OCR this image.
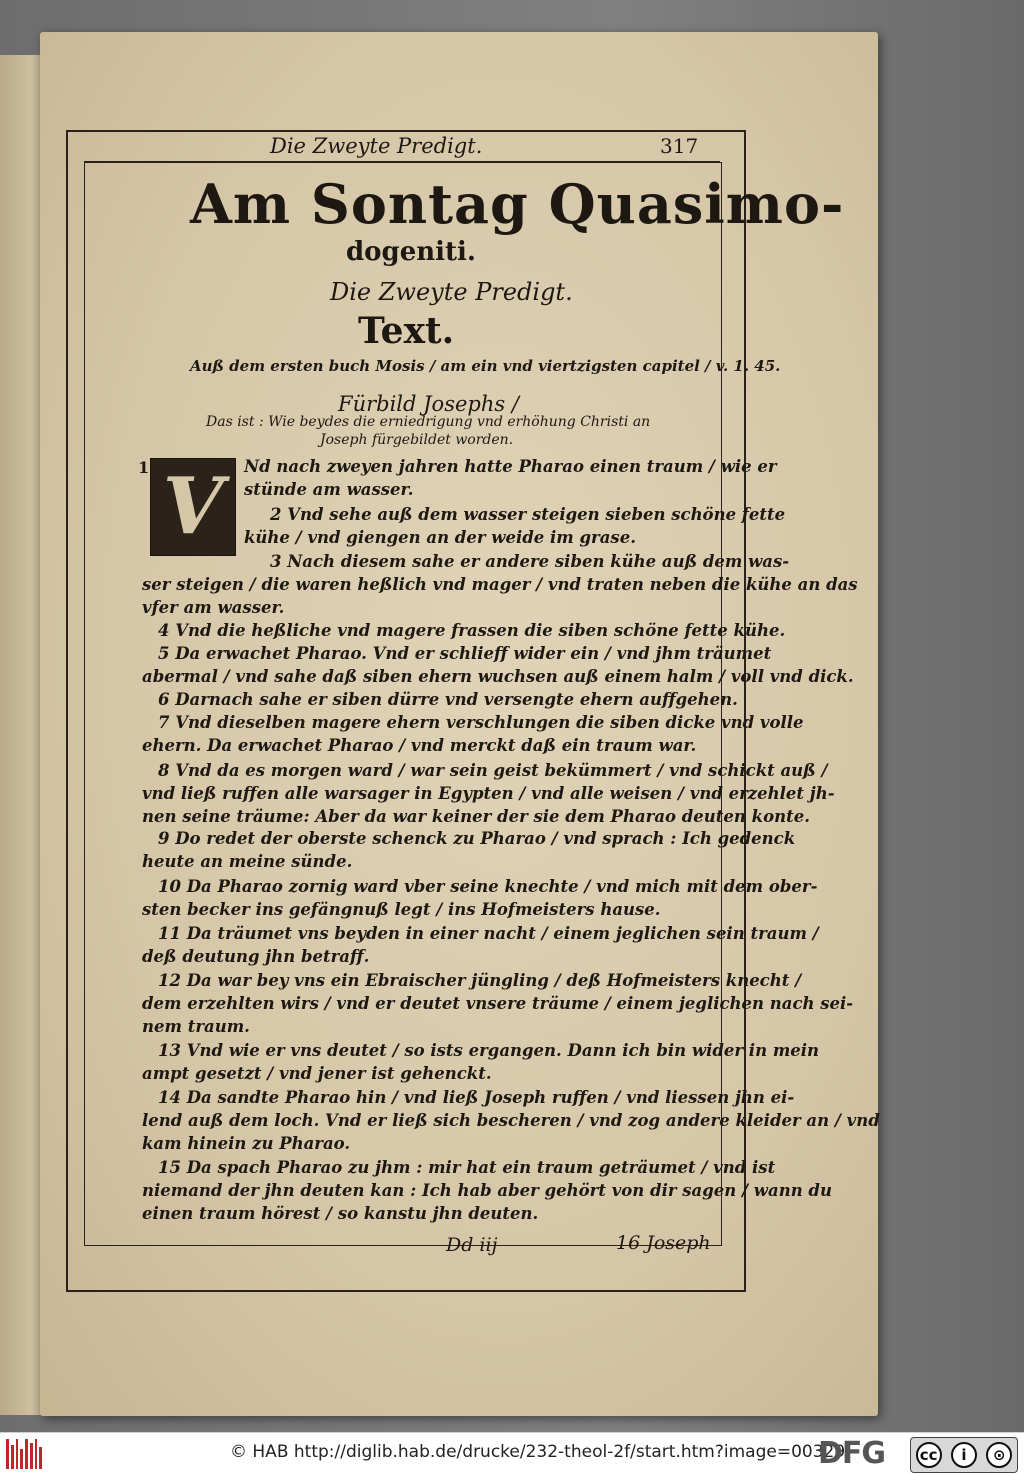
Die Zweyte Predigt.	317
Am Sontag Quasimo-
dogeniti.
Die Zweyte Predigt.
Text.
Auß dem ersten buch Mosis / am ein vnd viertzigsten capitel / v. 1. 45.
Fürbild Josephs /
Das ist : Wie beydes die erniedrigung vnd erhöhung Christi an
Joseph fürgebildet worden.
1 V	Nd nach zweyen jahren hatte Pharao einen traum / wie er
stünde am wasser.
2 Vnd sehe auß dem wasser steigen sieben schöne fette
kühe / vnd giengen an der weide im grase.
3 Nach diesem sahe er andere siben kühe auß dem was-
ser steigen / die waren heßlich vnd mager / vnd traten neben die kühe an das
vfer am wasser.
4 Vnd die heßliche vnd magere frassen die siben schöne fette kühe.
5 Da erwachet Pharao. Vnd er schlieff wider ein / vnd jhm träumet
abermal / vnd sahe daß siben ehern wuchsen auß einem halm / voll vnd dick.
6 Darnach sahe er siben dürre vnd versengte ehern auffgehen.
7 Vnd dieselben magere ehern verschlungen die siben dicke vnd volle
ehern. Da erwachet Pharao / vnd merckt daß ein traum war.
8 Vnd da es morgen ward / war sein geist bekümmert / vnd schickt auß /
vnd ließ ruffen alle warsager in Egypten / vnd alle weisen / vnd erzehlet jh-
nen seine träume: Aber da war keiner der sie dem Pharao deuten konte.
9 Do redet der oberste schenck zu Pharao / vnd sprach : Ich gedenck
heute an meine sünde.
10 Da Pharao zornig ward vber seine knechte / vnd mich mit dem ober-
sten becker ins gefängnuß legt / ins Hofmeisters hause.
11 Da träumet vns beyden in einer nacht / einem jeglichen sein traum /
deß deutung jhn betraff.
12 Da war bey vns ein Ebraischer jüngling / deß Hofmeisters knecht /
dem erzehlten wirs / vnd er deutet vnsere träume / einem jeglichen nach sei-
nem traum.
13 Vnd wie er vns deutet / so ists ergangen. Dann ich bin wider in mein
ampt gesetzt / vnd jener ist gehenckt.
14 Da sandte Pharao hin / vnd ließ Joseph ruffen / vnd liessen jhn ei-
lend auß dem loch. Vnd er ließ sich bescheren / vnd zog andere kleider an / vnd
kam hinein zu Pharao.
15 Da spach Pharao zu jhm : mir hat ein traum geträumet / vnd ist
niemand der jhn deuten kan : Ich hab aber gehört von dir sagen / wann du
einen traum hörest / so kanstu jhn deuten.
Dd iij	16 Joseph
© HAB http://diglib.hab.de/drucke/232-theol-2f/start.htm?image=00329
DFG cc	i	⊙
